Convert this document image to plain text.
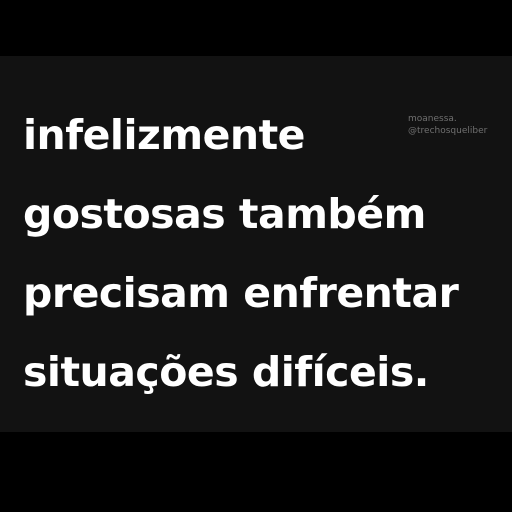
infelizmente
gostosas também
precisam enfrentar
situações difíceis.

moanessa.
@trechosqueliber
